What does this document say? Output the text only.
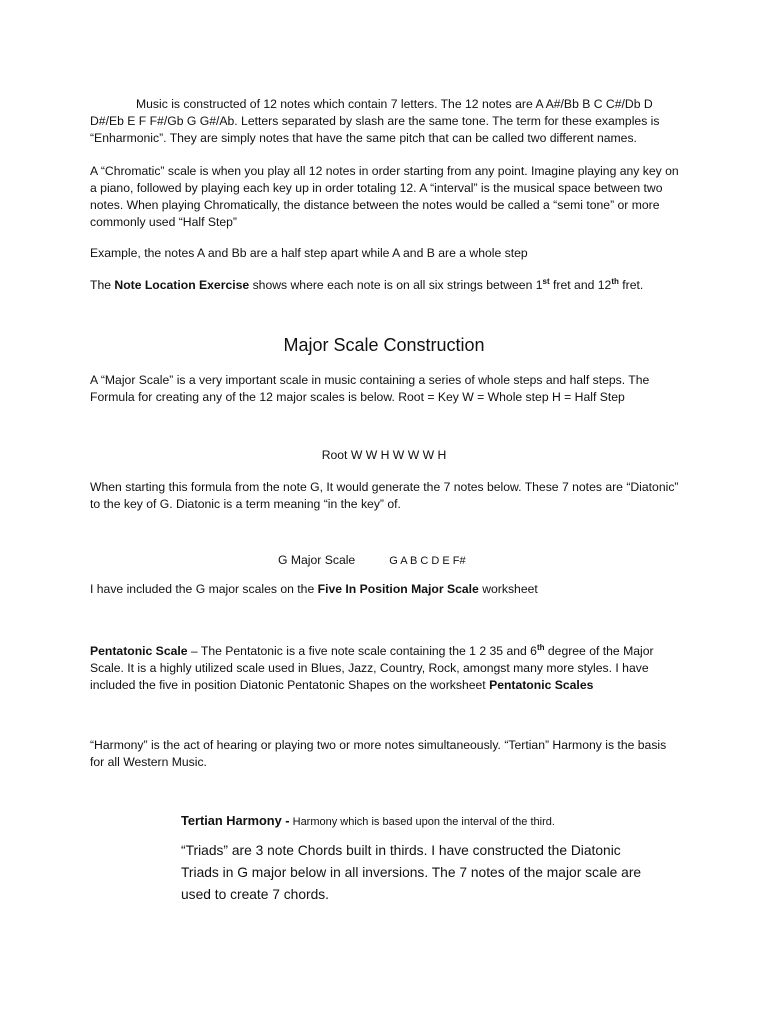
Music is constructed of 12 notes which contain 7 letters. The 12 notes are A A#/Bb B C C#/Db D D#/Eb E F F#/Gb G G#/Ab. Letters separated by slash are the same tone. The term for these examples is “Enharmonic”. They are simply notes that have the same pitch that can be called two different names.

A “Chromatic” scale is when you play all 12 notes in order starting from any point. Imagine playing any key on a piano, followed by playing each key up in order totaling 12. A “interval” is the musical space between two notes. When playing Chromatically, the distance between the notes would be called a “semi tone” or more commonly used “Half Step”

Example, the notes A and Bb are a half step apart while A and B are a whole step

The Note Location Exercise shows where each note is on all six strings between 1st fret and 12th fret.

Major Scale Construction

A “Major Scale” is a very important scale in music containing a series of whole steps and half steps. The Formula for creating any of the 12 major scales is below. Root = Key W = Whole step H = Half Step

Root W W H W W W H

When starting this formula from the note G, It would generate the 7 notes below. These 7 notes are “Diatonic” to the key of G. Diatonic is a term meaning “in the key” of.

G Major Scale	G A B C D E F#

I have included the G major scales on the Five In Position Major Scale worksheet

Pentatonic Scale – The Pentatonic is a five note scale containing the 1 2 35 and 6th degree of the Major Scale. It is a highly utilized scale used in Blues, Jazz, Country, Rock, amongst many more styles. I have included the five in position Diatonic Pentatonic Shapes on the worksheet Pentatonic Scales

“Harmony” is the act of hearing or playing two or more notes simultaneously. “Tertian” Harmony is the basis for all Western Music.

Tertian Harmony - Harmony which is based upon the interval of the third.

“Triads” are 3 note Chords built in thirds. I have constructed the Diatonic Triads in G major below in all inversions. The 7 notes of the major scale are used to create 7 chords.
